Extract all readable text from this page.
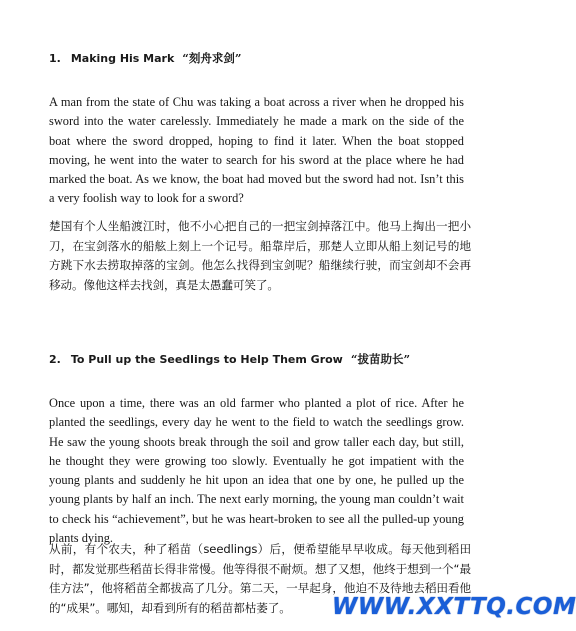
1. Making His Mark “刻舟求剑”
A man from the state of Chu was taking a boat across a river when he dropped his sword into the water carelessly. Immediately he made a mark on the side of the boat where the sword dropped, hoping to find it later. When the boat stopped moving, he went into the water to search for his sword at the place where he had marked the boat. As we know, the boat had moved but the sword had not. Isn’t this a very foolish way to look for a sword?
楚国有个人坐船渡江时，他不小心把自己的一把宝剑掉落江中。他马上掏出一把小刀，在宝剑落水的船舷上刻上一个记号。船靠岸后，那楚人立即从船上刻记号的地方跳下水去捞取掉落的宝剑。他怎么找得到宝剑呢？船继续行驶，而宝剑却不会再移动。像他这样去找剑，真是太愚蠢可笑了。
2. To Pull up the Seedlings to Help Them Grow “拔苗助长”
Once upon a time, there was an old farmer who planted a plot of rice. After he planted the seedlings, every day he went to the field to watch the seedlings grow. He saw the young shoots break through the soil and grow taller each day, but still, he thought they were growing too slowly. Eventually he got impatient with the young plants and suddenly he hit upon an idea that one by one, he pulled up the young plants by half an inch. The next early morning, the young man couldn’t wait to check his “achievement”, but he was heart-broken to see all the pulled-up young plants dying.
从前，有个农夫，种了稻苗（seedlings）后，便希望能早早收成。每天他到稻田时，都发觉那些稻苗长得非常慢。他等得很不耐烦。想了又想，他终于想到一个“最佳方法”，他将稻苗全都拔高了几分。第二天，一早起身，他迫不及待地去稻田看他的“成果”。哪知，却看到所有的稻苗都枯萎了。	WWW.XXTTQ.COM
